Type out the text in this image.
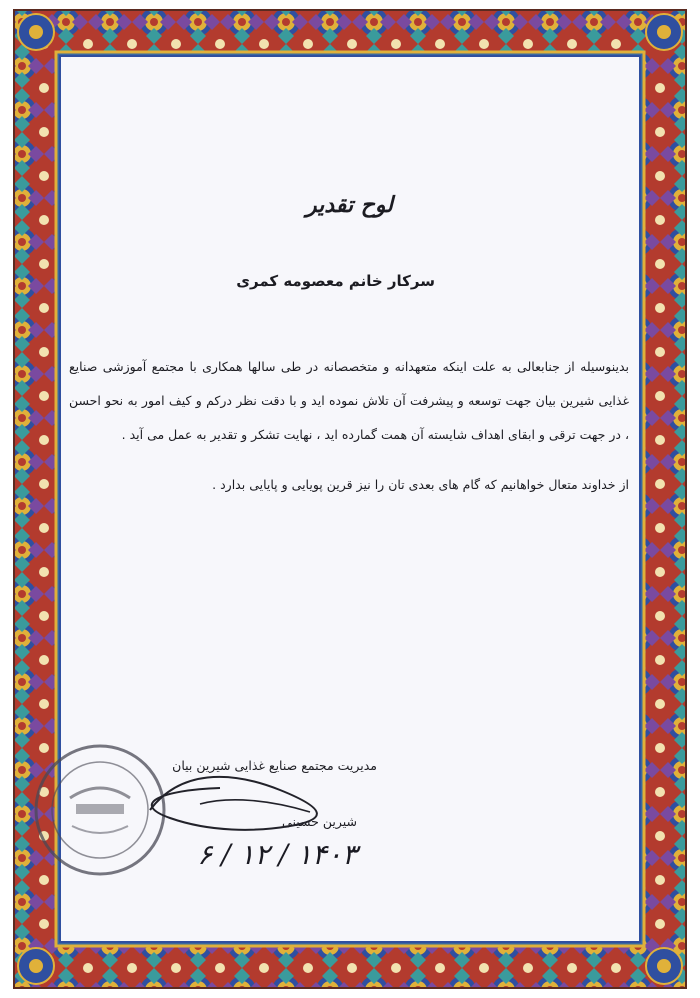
لوح تقدیر
سرکار خانم معصومه کمری

بدینوسیله از جنابعالی به علت اینکه متعهدانه و متخصصانه در طی سالها همکاری با مجتمع آموزشی صنایع غذایی شیرین بیان جهت توسعه و پیشرفت آن تلاش نموده اید و با دقت نظر درکم و کیف امور به نحو احسن ، در جهت ترقی و ابقای اهداف شایسته آن همت گمارده اید ، نهایت تشکر و تقدیر به عمل می آید .

از خداوند متعال خواهانیم که گام های بعدی تان را نیز قرین پویایی و پایایی بدارد .

مدیریت مجتمع صنایع غذایی شیرین بیان
شیرین حسینی
۶ / ۱۲ / ۱۴۰۳
